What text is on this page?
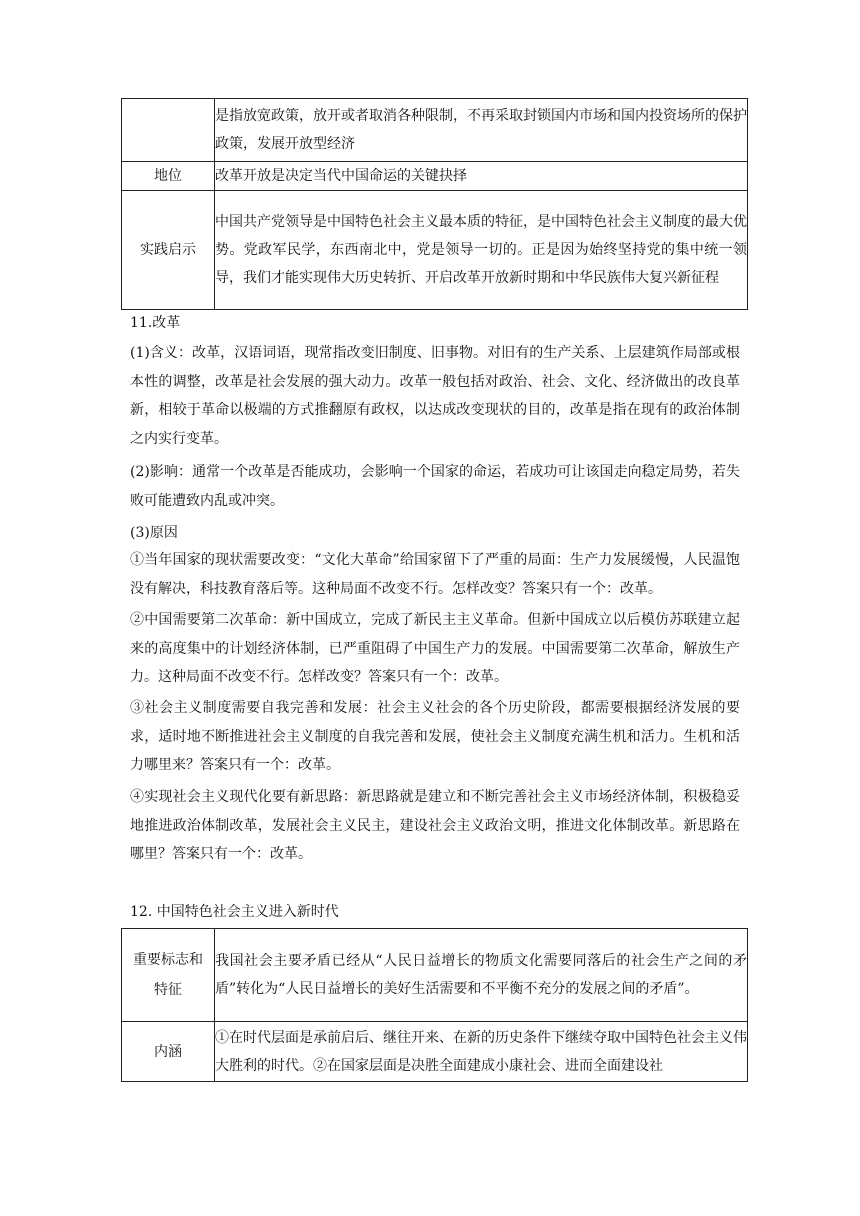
	是指放宽政策，放开或者取消各种限制，不再采取封锁国内市场和国内投资场所的保护政策，发展开放型经济
地位	改革开放是决定当代中国命运的关键抉择
实践启示	中国共产党领导是中国特色社会主义最本质的特征，是中国特色社会主义制度的最大优势。党政军民学，东西南北中，党是领导一切的。正是因为始终坚持党的集中统一领导，我们才能实现伟大历史转折、开启改革开放新时期和中华民族伟大复兴新征程

11.改革

(1)含义：改革，汉语词语，现常指改变旧制度、旧事物。对旧有的生产关系、上层建筑作局部或根本性的调整，改革是社会发展的强大动力。改革一般包括对政治、社会、文化、经济做出的改良革新，相较于革命以极端的方式推翻原有政权，以达成改变现状的目的，改革是指在现有的政治体制之内实行变革。

(2)影响：通常一个改革是否能成功，会影响一个国家的命运，若成功可让该国走向稳定局势，若失败可能遭致内乱或冲突。

(3)原因

①当年国家的现状需要改变：“文化大革命”给国家留下了严重的局面：生产力发展缓慢，人民温饱没有解决，科技教育落后等。这种局面不改变不行。怎样改变？答案只有一个：改革。

②中国需要第二次革命：新中国成立，完成了新民主主义革命。但新中国成立以后模仿苏联建立起来的高度集中的计划经济体制，已严重阻碍了中国生产力的发展。中国需要第二次革命，解放生产力。这种局面不改变不行。怎样改变？答案只有一个：改革。

③社会主义制度需要自我完善和发展：社会主义社会的各个历史阶段，都需要根据经济发展的要求，适时地不断推进社会主义制度的自我完善和发展，使社会主义制度充满生机和活力。生机和活力哪里来？答案只有一个：改革。

④实现社会主义现代化要有新思路：新思路就是建立和不断完善社会主义市场经济体制，积极稳妥地推进政治体制改革，发展社会主义民主，建设社会主义政治文明，推进文化体制改革。新思路在哪里？答案只有一个：改革。

12. 中国特色社会主义进入新时代

重要标志和特征	我国社会主要矛盾已经从“人民日益增长的物质文化需要同落后的社会生产之间的矛盾”转化为“人民日益增长的美好生活需要和不平衡不充分的发展之间的矛盾”。
内涵	①在时代层面是承前启后、继往开来、在新的历史条件下继续夺取中国特色社会主义伟大胜利的时代。②在国家层面是决胜全面建成小康社会、进而全面建设社
